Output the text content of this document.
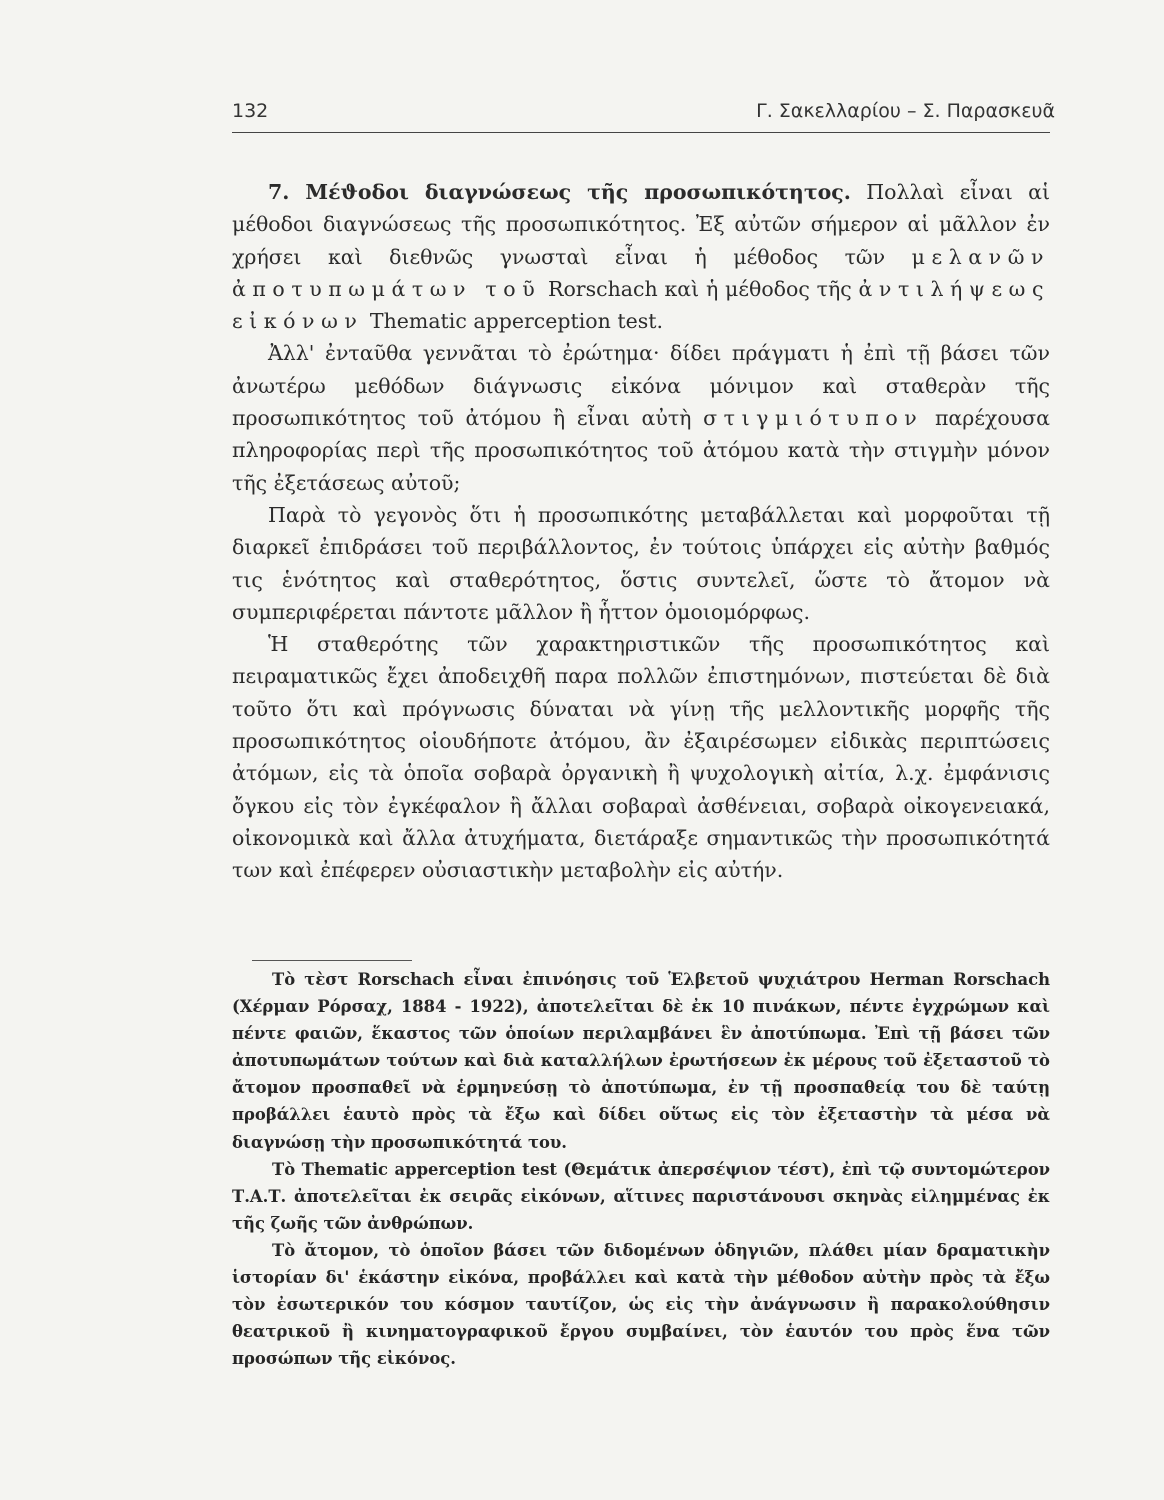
132	Γ. Σακελλαρίου – Σ. Παρασκευᾶ

7. Μέϑοδοι διαγνώσεως τῆς προσωπικότητος. Πολλαὶ εἶναι αἱ μέθοδοι διαγνώσεως τῆς προσωπικότητος. Ἐξ αὐτῶν σήμερον αἱ μᾶλλον ἐν χρήσει καὶ διεθνῶς γνωσταὶ εἶναι ἡ μέθοδος τῶν μελανῶν ἀποτυπωμάτων τοῦ Rorschach καὶ ἡ μέθοδος τῆς ἀντιλήψεως εἰκόνων Thematic apperception test.

Ἀλλ' ἐνταῦθα γεννᾶται τὸ ἐρώτημα· δίδει πράγματι ἡ ἐπὶ τῇ βάσει τῶν ἀνωτέρω μεθόδων διάγνωσις εἰκόνα μόνιμον καὶ σταθερὰν τῆς προσωπικότητος τοῦ ἀτόμου ἢ εἶναι αὐτὴ στιγμιότυπον παρέχουσα πληροφορίας περὶ τῆς προσωπικότητος τοῦ ἀτόμου κατὰ τὴν στιγμὴν μόνον τῆς ἐξετάσεως αὐτοῦ;

Παρὰ τὸ γεγονὸς ὅτι ἡ προσωπικότης μεταβάλλεται καὶ μορφοῦται τῇ διαρκεῖ ἐπιδράσει τοῦ περιβάλλοντος, ἐν τούτοις ὑπάρχει εἰς αὐτὴν βαθμός τις ἑνότητος καὶ σταθερότητος, ὅστις συντελεῖ, ὥστε τὸ ἄτομον νὰ συμπεριφέρεται πάντοτε μᾶλλον ἢ ἧττον ὁμοιομόρφως.

Ἡ σταθερότης τῶν χαρακτηριστικῶν τῆς προσωπικότητος καὶ πειραματικῶς ἔχει ἀποδειχθῆ παρα πολλῶν ἐπιστημόνων, πιστεύεται δὲ διὰ τοῦτο ὅτι καὶ πρόγνωσις δύναται νὰ γίνῃ τῆς μελλοντικῆς μορφῆς τῆς προσωπικότητος οἱουδήποτε ἀτόμου, ἂν ἐξαιρέσωμεν εἰδικὰς περιπτώσεις ἀτόμων, εἰς τὰ ὁποῖα σοβαρὰ ὀργανικὴ ἢ ψυχολογικὴ αἰτία, λ.χ. ἐμφάνισις ὄγκου εἰς τὸν ἐγκέφαλον ἢ ἄλλαι σοβαραὶ ἀσθένειαι, σοβαρὰ οἰκογενειακά, οἰκονομικὰ καὶ ἄλλα ἀτυχήματα, διετάραξε σημαντικῶς τὴν προσωπικότητά των καὶ ἐπέφερεν οὐσιαστικὴν μεταβολὴν εἰς αὐτήν.

Τὸ τὲστ Rorschach εἶναι ἐπινόησις τοῦ Ἑλβετοῦ ψυχιάτρου Herman Rorschach (Χέρμαν Ρόρσαχ, 1884 - 1922), ἀποτελεῖται δὲ ἐκ 10 πινάκων, πέντε ἐγχρώμων καὶ πέντε φαιῶν, ἕκαστος τῶν ὁποίων περιλαμβάνει ἓν ἀποτύπωμα. Ἐπὶ τῇ βάσει τῶν ἀποτυπωμάτων τούτων καὶ διὰ καταλλήλων ἐρωτήσεων ἐκ μέρους τοῦ ἐξεταστοῦ τὸ ἄτομον προσπαθεῖ νὰ ἑρμηνεύσῃ τὸ ἀποτύπωμα, ἐν τῇ προσπαθείᾳ του δὲ ταύτῃ προβάλλει ἑαυτὸ πρὸς τὰ ἔξω καὶ δίδει οὕτως εἰς τὸν ἐξεταστὴν τὰ μέσα νὰ διαγνώσῃ τὴν προσωπικότητά του.

Τὸ Thematic apperception test (Θεμάτικ ἀπερσέψιον τέστ), ἐπὶ τῷ συντομώτερον Τ.Α.Τ. ἀποτελεῖται ἐκ σειρᾶς εἰκόνων, αἵτινες παριστάνουσι σκηνὰς εἰλημμένας ἐκ τῆς ζωῆς τῶν ἀνθρώπων.

Τὸ ἄτομον, τὸ ὁποῖον βάσει τῶν διδομένων ὁδηγιῶν, πλάθει μίαν δραματικὴν ἱστορίαν δι' ἑκάστην εἰκόνα, προβάλλει καὶ κατὰ τὴν μέθοδον αὐτὴν πρὸς τὰ ἔξω τὸν ἐσωτερικόν του κόσμον ταυτίζον, ὡς εἰς τὴν ἀνάγνωσιν ἢ παρακολούθησιν θεατρικοῦ ἢ κινηματογραφικοῦ ἔργου συμβαίνει, τὸν ἑαυτόν του πρὸς ἕνα τῶν προσώπων τῆς εἰκόνος.
